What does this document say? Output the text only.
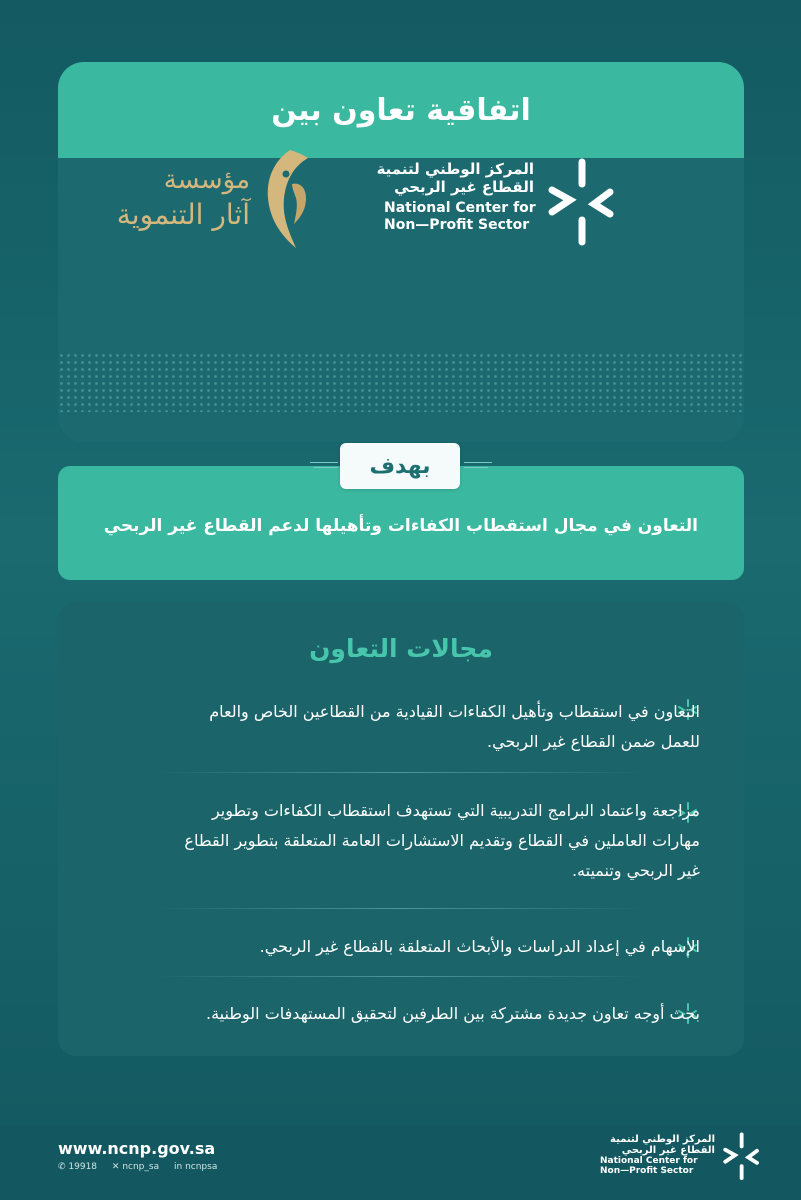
اتفاقية تعاون بين
المركز الوطني لتنمية
القطاع غير الربحي
National Center for
Non—Profit Sector
مؤسسة
آثار التنموية
بهدف
التعاون في مجال استقطاب الكفاءات وتأهيلها لدعم القطاع غير الربحي
مجالات التعاون
التعاون في استقطاب وتأهيل الكفاءات القيادية من القطاعين الخاص والعام
للعمل ضمن القطاع غير الربحي.
مراجعة واعتماد البرامج التدريبية التي تستهدف استقطاب الكفاءات وتطوير
مهارات العاملين في القطاع وتقديم الاستشارات العامة المتعلقة بتطوير القطاع
غير الربحي وتنميته.
الإسهام في إعداد الدراسات والأبحاث المتعلقة بالقطاع غير الربحي.
بحث أوجه تعاون جديدة مشتركة بين الطرفين لتحقيق المستهدفات الوطنية.
www.ncnp.gov.sa
✆ 19918 ✕ ncnp_sa in ncnpsa
المركز الوطني لتنمية
القطاع غير الربحي
National Center for
Non—Profit Sector
